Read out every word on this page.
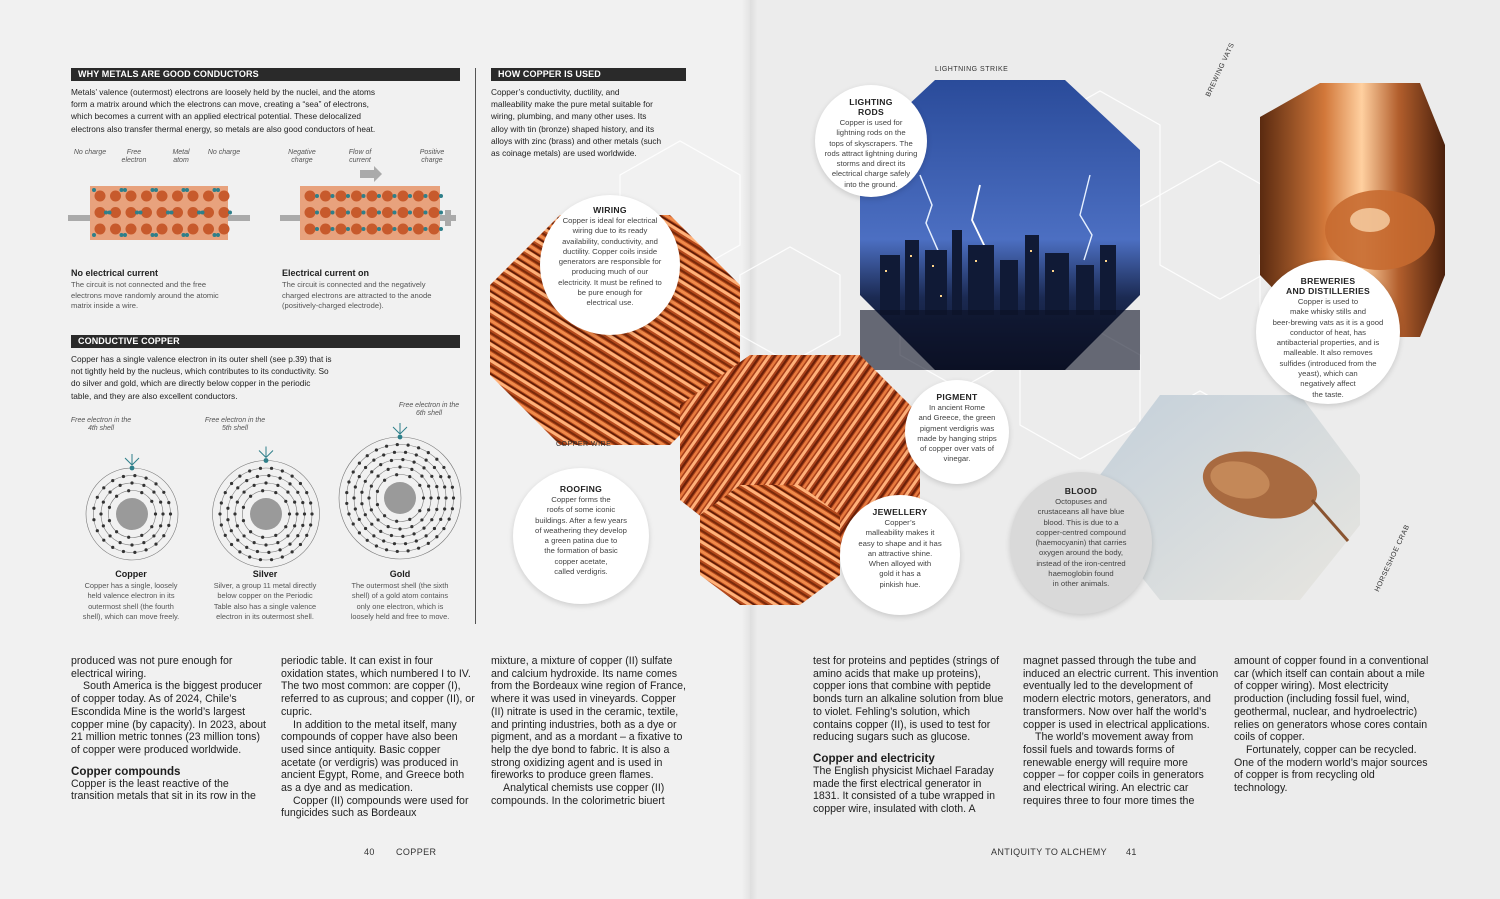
WHY METALS ARE GOOD CONDUCTORS
Metals’ valence (outermost) electrons are loosely held by the nuclei, and the atoms
form a matrix around which the electrons can move, creating a “sea” of electrons,
which becomes a current with an applied electrical potential. These delocalized
electrons also transfer thermal energy, so metals are also good conductors of heat.
No charge	Free electron
Metal atom
No charge
No electrical current
The circuit is not connected and the free
electrons move randomly around the atomic
matrix inside a wire.
Negative charge
Flow of current
Positive charge
Electrical current on
The circuit is connected and the negatively
charged electrons are attracted to the anode
(positively-charged electrode).
CONDUCTIVE COPPER
Copper has a single valence electron in its outer shell (see p.39) that is
not tightly held by the nucleus, which contributes to its conductivity. So
do silver and gold, which are directly below copper in the periodic
table, and they are also excellent conductors.
Free electron in the 4th shell
Free electron in the 5th shell
Free electron in the 6th shell
Copper
Copper has a single, loosely
held valence electron in its
outermost shell (the fourth
shell), which can move freely.
Silver
Silver, a group 11 metal directly
below copper on the Periodic
Table also has a single valence
electron in its outermost shell.
Gold
The outermost shell (the sixth
shell) of a gold atom contains
only one electron, which is
loosely held and free to move.
HOW COPPER IS USED
Copper’s conductivity, ductility, and
malleability make the pure metal suitable for
wiring, plumbing, and many other uses. Its
alloy with tin (bronze) shaped history, and its
alloys with zinc (brass) and other metals (such
as coinage metals) are used worldwide.
LIGHTNING STRIKE	BREWING VATS
COPPER WIRE
HORSESHOE CRAB
LIGHTING
RODS
Copper is used for
lightning rods on the
tops of skyscrapers. The
rods attract lightning during
storms and direct its
electrical charge safely
into the ground.
WIRING
Copper is ideal for electrical
wiring due to its ready
availability, conductivity, and
ductility. Copper coils inside
generators are responsible for
producing much of our
electricity. It must be refined to
be pure enough for
electrical use.
BREWERIES
AND DISTILLERIES
Copper is used to
make whisky stills and
beer-brewing vats as it is a good
conductor of heat, has
antibacterial properties, and is
malleable. It also removes
sulfides (introduced from the
yeast), which can
negatively affect
the taste.
PIGMENT
In ancient Rome
and Greece, the green
pigment verdigris was
made by hanging strips
of copper over vats of
vinegar.
ROOFING
Copper forms the
roofs of some iconic
buildings. After a few years
of weathering they develop
a green patina due to
the formation of basic
copper acetate,
called verdigris.
JEWELLERY
Copper’s
malleability makes it
easy to shape and it has
an attractive shine.
When alloyed with
gold it has a
pinkish hue.
BLOOD
Octopuses and
crustaceans all have blue
blood. This is due to a
copper-centred compound
(haemocyanin) that carries
oxygen around the body,
instead of the iron-centred
haemoglobin found
in other animals.

produced was not pure enough for electrical wiring.

South America is the biggest producer of copper today. As of 2024, Chile’s Escondida Mine is the world’s largest copper mine (by capacity). In 2023, about 21 million metric tonnes (23 million tons) of copper were produced worldwide.

Copper compounds

Copper is the least reactive of the transition metals that sit in its row in the

periodic table. It can exist in four oxidation states, which numbered I to IV. The two most common: are copper (I), referred to as cuprous; and copper (II), or cupric.

In addition to the metal itself, many compounds of copper have also been used since antiquity. Basic copper acetate (or verdigris) was produced in ancient Egypt, Rome, and Greece both as a dye and as medication.

Copper (II) compounds were used for fungicides such as Bordeaux

mixture, a mixture of copper (II) sulfate and calcium hydroxide. Its name comes from the Bordeaux wine region of France, where it was used in vineyards. Copper (II) nitrate is used in the ceramic, textile, and printing industries, both as a dye or pigment, and as a mordant – a fixative to help the dye bond to fabric. It is also a strong oxidizing agent and is used in fireworks to produce green flames.

Analytical chemists use copper (II) compounds. In the colorimetric biuert

test for proteins and peptides (strings of amino acids that make up proteins), copper ions that combine with peptide bonds turn an alkaline solution from blue to violet. Fehling’s solution, which contains copper (II), is used to test for reducing sugars such as glucose.

Copper and electricity

The English physicist Michael Faraday made the first electrical generator in 1831. It consisted of a tube wrapped in copper wire, insulated with cloth. A

magnet passed through the tube and induced an electric current. This invention eventually led to the development of modern electric motors, generators, and transformers. Now over half the world’s copper is used in electrical applications.

The world’s movement away from fossil fuels and towards forms of renewable energy will require more copper – for copper coils in generators and electrical wiring. An electric car requires three to four more times the

amount of copper found in a conventional car (which itself can contain about a mile of copper wiring). Most electricity production (including fossil fuel, wind, geothermal, nuclear, and hydroelectric) relies on generators whose cores contain coils of copper.

Fortunately, copper can be recycled. One of the modern world’s major sources of copper is from recycling old technology.

40 COPPER	ANTIQUITY TO ALCHEMY 41
